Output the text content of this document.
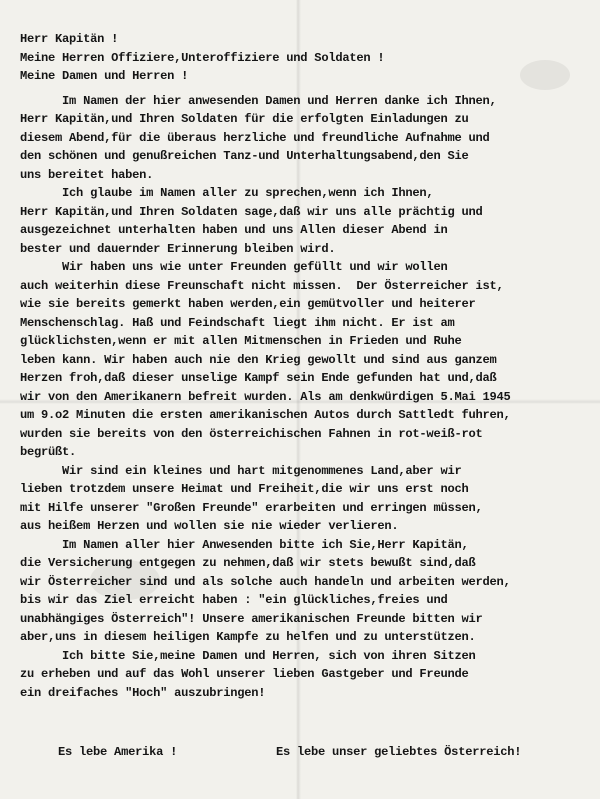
Herr Kapitän !
Meine Herren Offiziere,Unteroffiziere und Soldaten !
Meine Damen und Herren !
Im Namen der hier anwesenden Damen und Herren danke ich Ihnen,
Herr Kapitän,und Ihren Soldaten für die erfolgten Einladungen zu
diesem Abend,für die überaus herzliche und freundliche Aufnahme und
den schönen und genußreichen Tanz-und Unterhaltungsabend,den Sie
uns bereitet haben.
Ich glaube im Namen aller zu sprechen,wenn ich Ihnen,
Herr Kapitän,und Ihren Soldaten sage,daß wir uns alle prächtig und
ausgezeichnet unterhalten haben und uns Allen dieser Abend in
bester und dauernder Erinnerung bleiben wird.
Wir haben uns wie unter Freunden gefüllt und wir wollen
auch weiterhin diese Freunschaft nicht missen.  Der Österreicher ist,
wie sie bereits gemerkt haben werden,ein gemütvoller und heiterer
Menschenschlag. Haß und Feindschaft liegt ihm nicht. Er ist am
glücklichsten,wenn er mit allen Mitmenschen in Frieden und Ruhe
leben kann. Wir haben auch nie den Krieg gewollt und sind aus ganzem
Herzen froh,daß dieser unselige Kampf sein Ende gefunden hat und,daß
wir von den Amerikanern befreit wurden. Als am denkwürdigen 5.Mai 1945
um 9.o2 Minuten die ersten amerikanischen Autos durch Sattledt fuhren,
wurden sie bereits von den österreichischen Fahnen in rot-weiß-rot
begrüßt.
Wir sind ein kleines und hart mitgenommenes Land,aber wir
lieben trotzdem unsere Heimat und Freiheit,die wir uns erst noch
mit Hilfe unserer "Großen Freunde" erarbeiten und erringen müssen,
aus heißem Herzen und wollen sie nie wieder verlieren.
Im Namen aller hier Anwesenden bitte ich Sie,Herr Kapitän,
die Versicherung entgegen zu nehmen,daß wir stets bewußt sind,daß
wir Österreicher sind und als solche auch handeln und arbeiten werden,
bis wir das Ziel erreicht haben : "ein glückliches,freies und
unabhängiges Österreich"! Unsere amerikanischen Freunde bitten wir
aber,uns in diesem heiligen Kampfe zu helfen und zu unterstützen.
Ich bitte Sie,meine Damen und Herren, sich von ihren Sitzen
zu erheben und auf das Wohl unserer lieben Gastgeber und Freunde
ein dreifaches "Hoch" auszubringen!
Es lebe Amerika !	Es lebe unser geliebtes Österreich!
